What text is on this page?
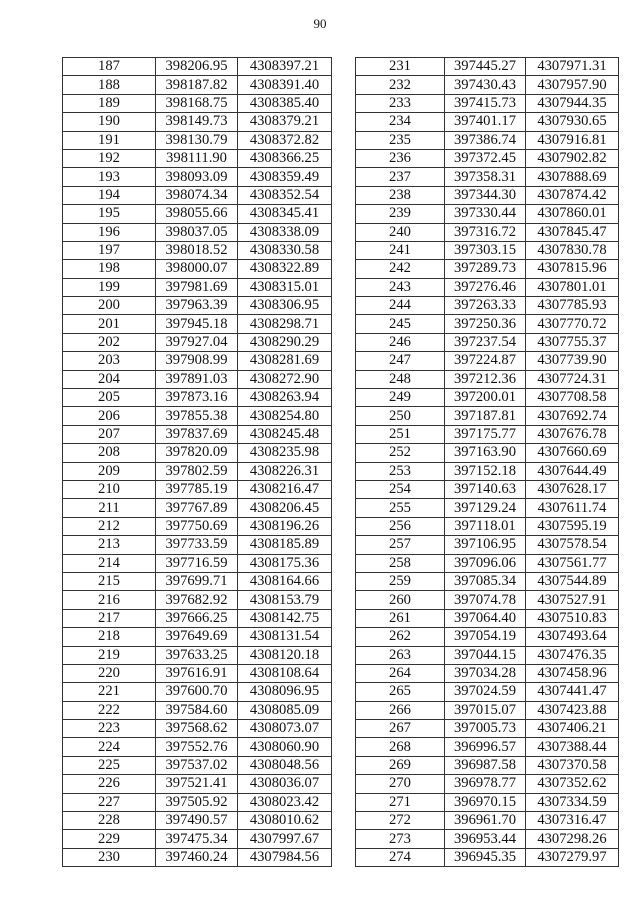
90
187	398206.95	4308397.21
188	398187.82	4308391.40
189	398168.75	4308385.40
190	398149.73	4308379.21
191	398130.79	4308372.82
192	398111.90	4308366.25
193	398093.09	4308359.49
194	398074.34	4308352.54
195	398055.66	4308345.41
196	398037.05	4308338.09
197	398018.52	4308330.58
198	398000.07	4308322.89
199	397981.69	4308315.01
200	397963.39	4308306.95
201	397945.18	4308298.71
202	397927.04	4308290.29
203	397908.99	4308281.69
204	397891.03	4308272.90
205	397873.16	4308263.94
206	397855.38	4308254.80
207	397837.69	4308245.48
208	397820.09	4308235.98
209	397802.59	4308226.31
210	397785.19	4308216.47
211	397767.89	4308206.45
212	397750.69	4308196.26
213	397733.59	4308185.89
214	397716.59	4308175.36
215	397699.71	4308164.66
216	397682.92	4308153.79
217	397666.25	4308142.75
218	397649.69	4308131.54
219	397633.25	4308120.18
220	397616.91	4308108.64
221	397600.70	4308096.95
222	397584.60	4308085.09
223	397568.62	4308073.07
224	397552.76	4308060.90
225	397537.02	4308048.56
226	397521.41	4308036.07
227	397505.92	4308023.42
228	397490.57	4308010.62
229	397475.34	4307997.67
230	397460.24	4307984.56
231	397445.27	4307971.31
232	397430.43	4307957.90
233	397415.73	4307944.35
234	397401.17	4307930.65
235	397386.74	4307916.81
236	397372.45	4307902.82
237	397358.31	4307888.69
238	397344.30	4307874.42
239	397330.44	4307860.01
240	397316.72	4307845.47
241	397303.15	4307830.78
242	397289.73	4307815.96
243	397276.46	4307801.01
244	397263.33	4307785.93
245	397250.36	4307770.72
246	397237.54	4307755.37
247	397224.87	4307739.90
248	397212.36	4307724.31
249	397200.01	4307708.58
250	397187.81	4307692.74
251	397175.77	4307676.78
252	397163.90	4307660.69
253	397152.18	4307644.49
254	397140.63	4307628.17
255	397129.24	4307611.74
256	397118.01	4307595.19
257	397106.95	4307578.54
258	397096.06	4307561.77
259	397085.34	4307544.89
260	397074.78	4307527.91
261	397064.40	4307510.83
262	397054.19	4307493.64
263	397044.15	4307476.35
264	397034.28	4307458.96
265	397024.59	4307441.47
266	397015.07	4307423.88
267	397005.73	4307406.21
268	396996.57	4307388.44
269	396987.58	4307370.58
270	396978.77	4307352.62
271	396970.15	4307334.59
272	396961.70	4307316.47
273	396953.44	4307298.26
274	396945.35	4307279.97
